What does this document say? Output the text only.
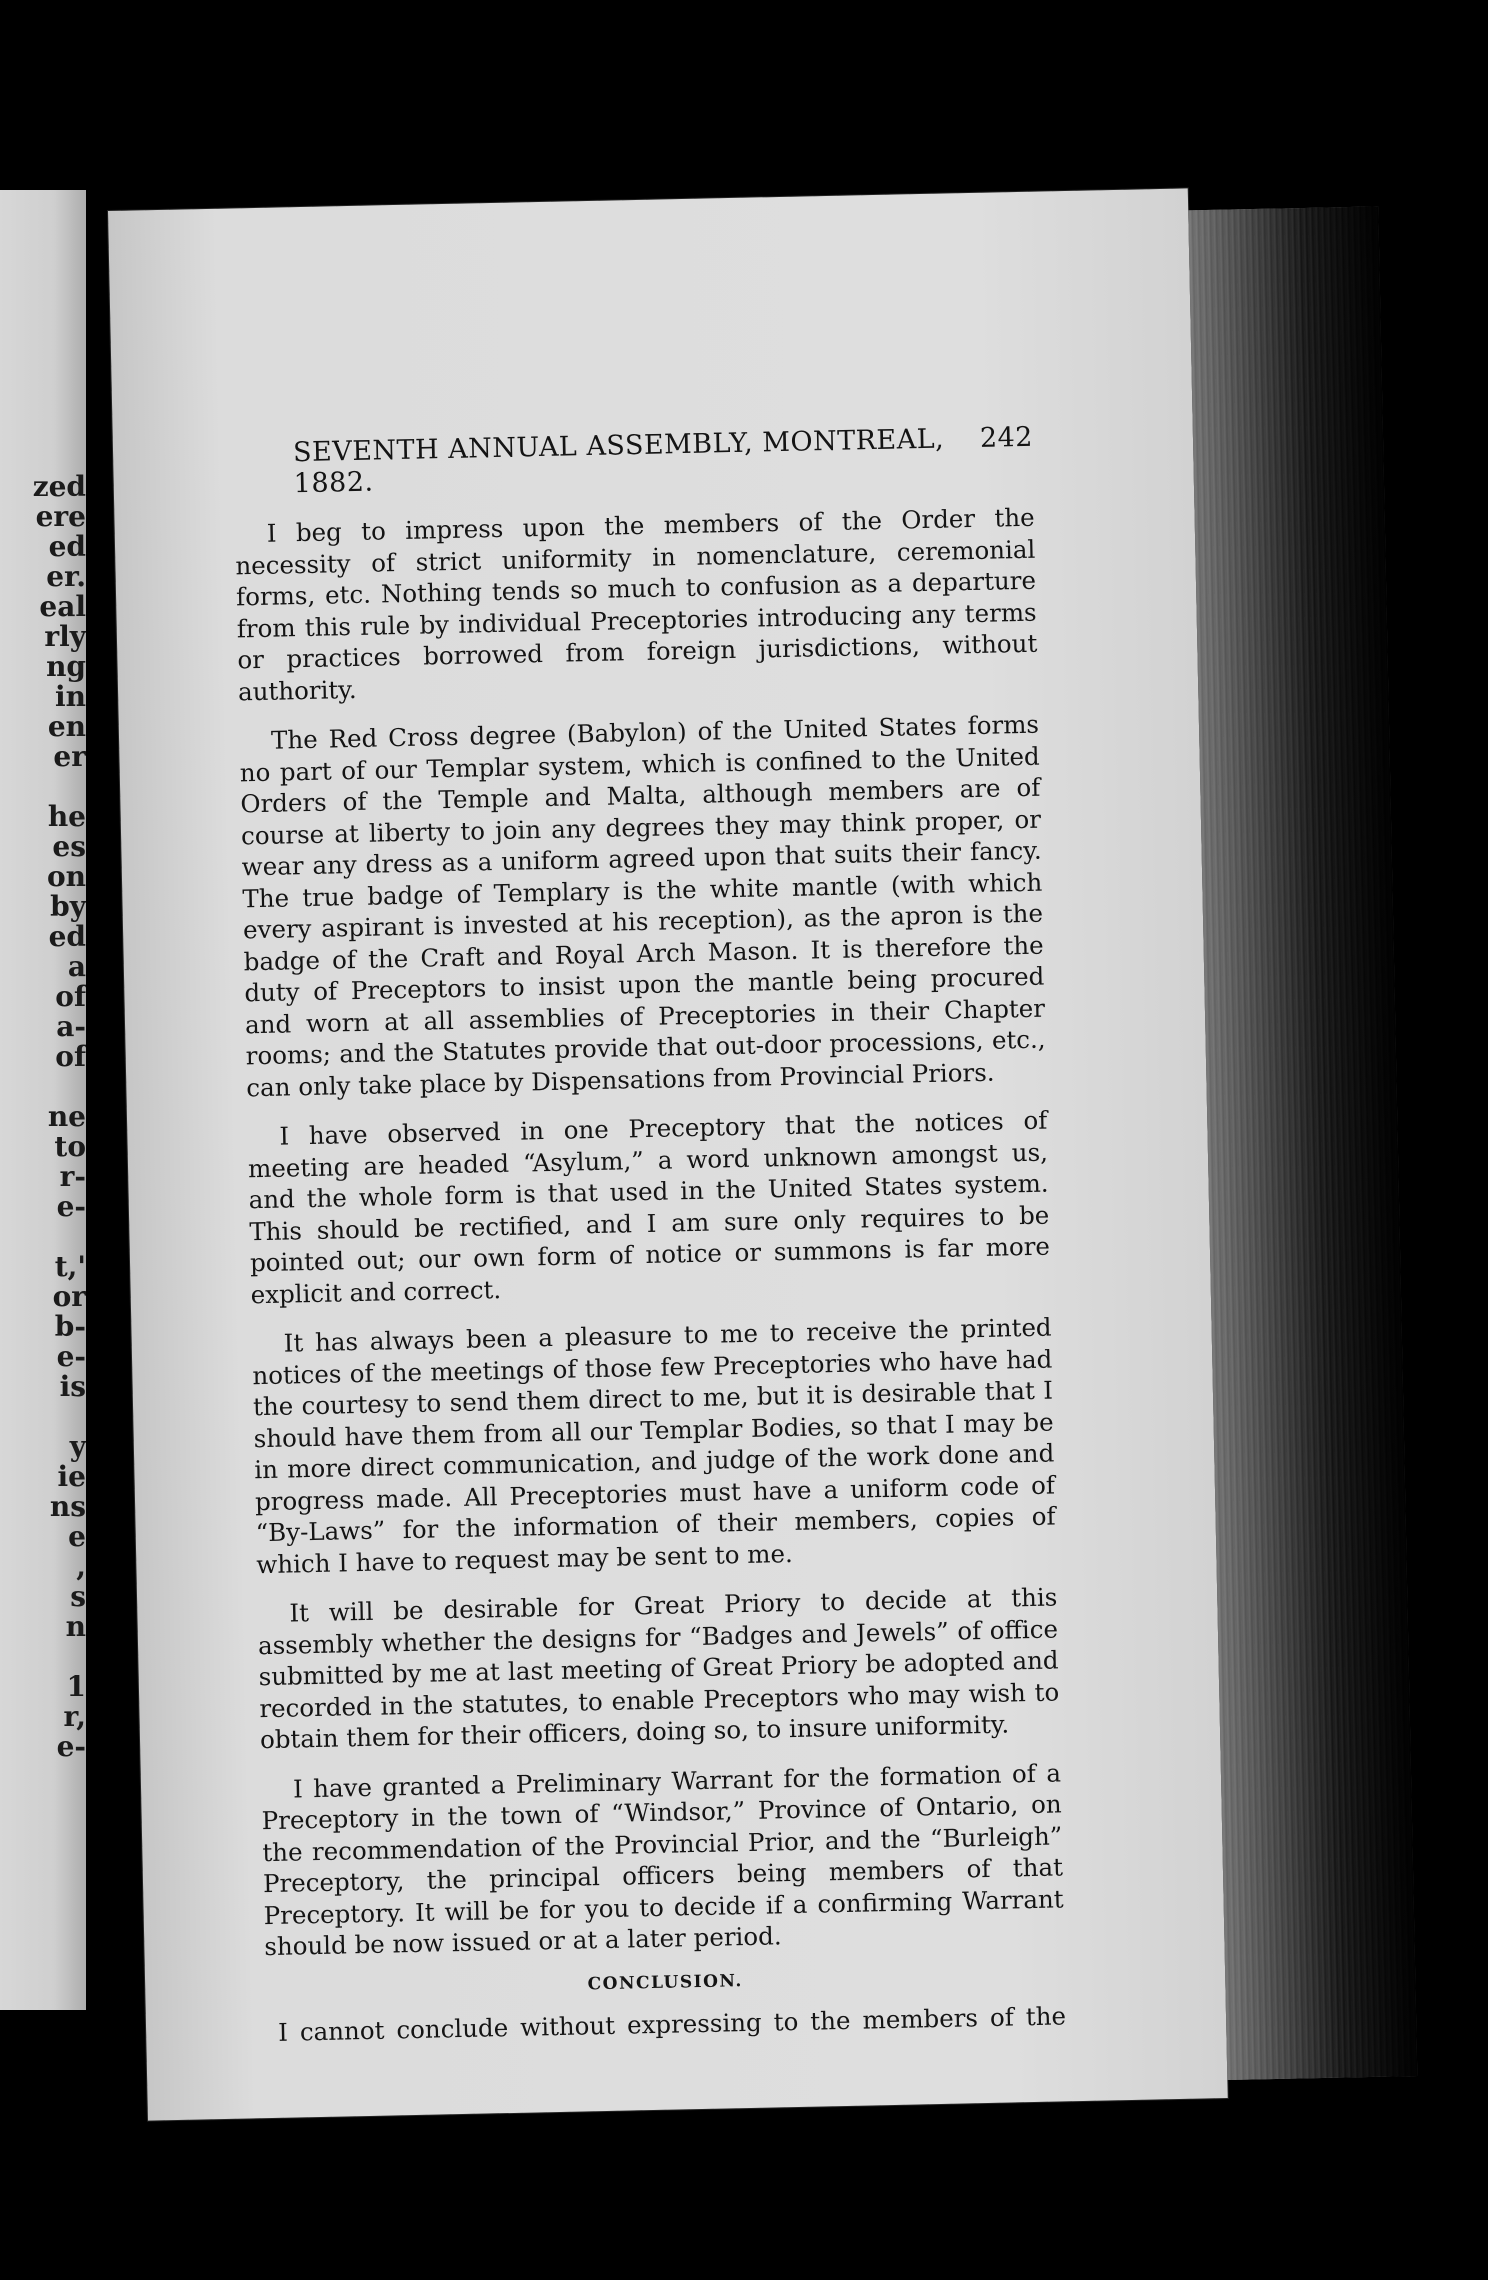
zed
ere
ed
er.
eal
rly
ng
in
en
er
he
es
on
by
ed
a
of
a-
of
ne
to
r-
e-
t,'
or
b-
e-
is
y
ie
ns
e
,
s
n
1
r,
e-
SEVENTH ANNUAL ASSEMBLY, MONTREAL, 1882.
242

I beg to impress upon the members of the Order the necessity of strict uniformity in nomenclature, ceremonial forms, etc. Nothing tends so much to confusion as a departure from this rule by individual Preceptories introducing any terms or practices borrowed from foreign jurisdictions, without authority.

The Red Cross degree (Babylon) of the United States forms no part of our Templar system, which is confined to the United Orders of the Temple and Malta, although members are of course at liberty to join any degrees they may think proper, or wear any dress as a uniform agreed upon that suits their fancy. The true badge of Templary is the white mantle (with which every aspirant is invested at his reception), as the apron is the badge of the Craft and Royal Arch Mason. It is therefore the duty of Preceptors to insist upon the mantle being procured and worn at all assemblies of Preceptories in their Chapter rooms; and the Statutes provide that out-door processions, etc., can only take place by Dispensations from Provincial Priors.

I have observed in one Preceptory that the notices of meeting are headed “Asylum,” a word unknown amongst us, and the whole form is that used in the United States system. This should be rectified, and I am sure only requires to be pointed out; our own form of notice or summons is far more explicit and correct.

It has always been a pleasure to me to receive the printed notices of the meetings of those few Preceptories who have had the courtesy to send them direct to me, but it is desirable that I should have them from all our Templar Bodies, so that I may be in more direct communication, and judge of the work done and progress made. All Preceptories must have a uniform code of “By-Laws” for the information of their members, copies of which I have to request may be sent to me.

It will be desirable for Great Priory to decide at this assembly whether the designs for “Badges and Jewels” of office submitted by me at last meeting of Great Priory be adopted and recorded in the statutes, to enable Preceptors who may wish to obtain them for their officers, doing so, to insure uniformity.

I have granted a Preliminary Warrant for the formation of a Preceptory in the town of “Windsor,” Province of Ontario, on the recommendation of the Provincial Prior, and the “Burleigh” Preceptory, the principal officers being members of that Preceptory. It will be for you to decide if a confirming Warrant should be now issued or at a later period.

CONCLUSION.

I cannot conclude without expressing to the members of the
